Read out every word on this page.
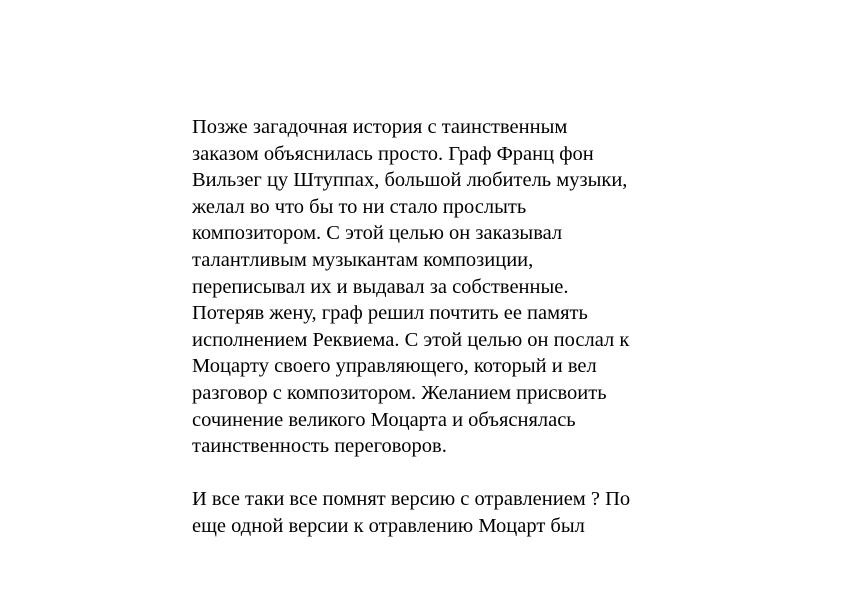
Позже загадочная история с таинственным
заказом объяснилась просто. Граф Франц фон
Вильзег цу Штуппах, большой любитель музыки,
желал во что бы то ни стало прослыть
композитором. С этой целью он заказывал
талантливым музыкантам композиции,
переписывал их и выдавал за собственные.
Потеряв жену, граф решил почтить ее память
исполнением Реквиема. С этой целью он послал к
Моцарту своего управляющего, который и вел
разговор с композитором. Желанием присвоить
сочинение великого Моцарта и объяснялась
таинственность переговоров.
И все таки все помнят версию с отравлением ? По
еще одной версии к отравлению Моцарт был
